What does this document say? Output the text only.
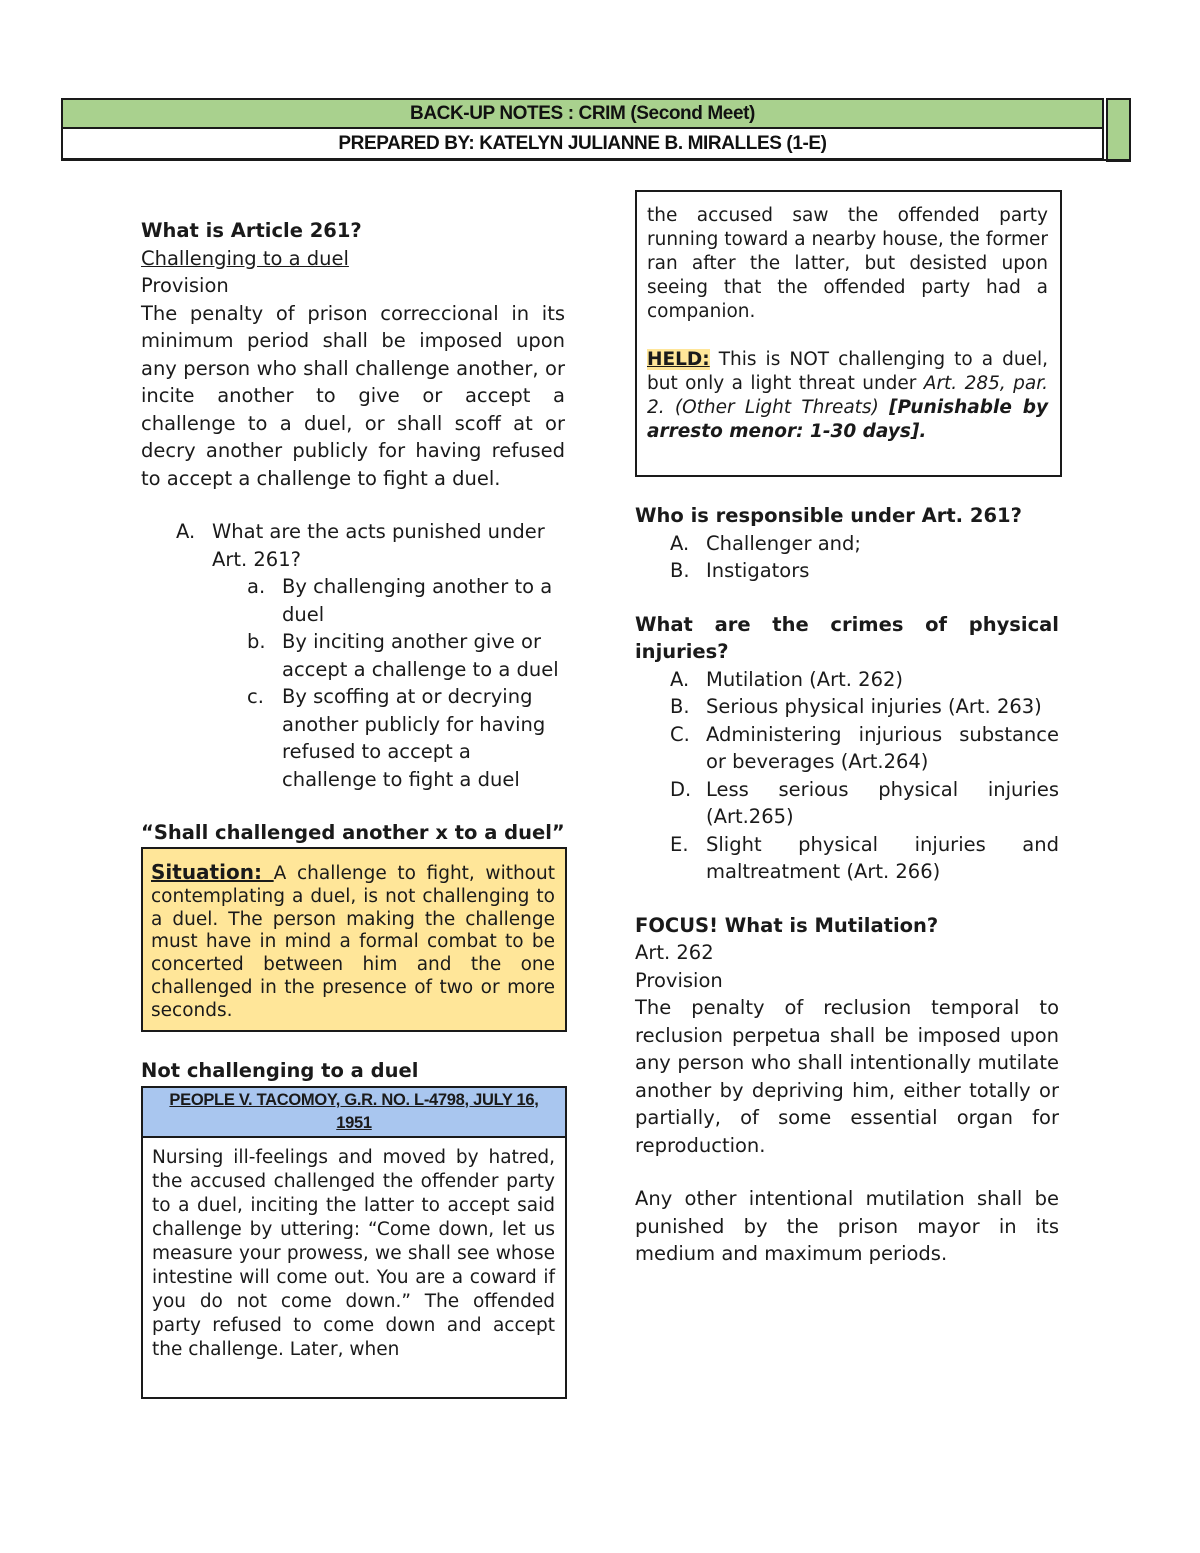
BACK-UP NOTES : CRIM (Second Meet)
PREPARED BY: KATELYN JULIANNE B. MIRALLES (1-E)

What is Article 261?

Challenging to a duel

Provision

The penalty of prison correccional in its minimum period shall be imposed upon any person who shall challenge another, or incite another to give or accept a challenge to a duel, or shall scoff at or decry another publicly for having refused to accept a challenge to fight a duel.

A. What are the acts punished under Art. 261?
a. By challenging another to a duel
b. By inciting another give or accept a challenge to a duel
c. By scoffing at or decrying another publicly for having refused to accept a challenge to fight a duel

“Shall challenged another x to a duel”

Situation: A challenge to fight, without contemplating a duel, is not challenging to a duel. The person making the challenge must have in mind a formal combat to be concerted between him and the one challenged in the presence of two or more seconds.

Not challenging to a duel

PEOPLE V. TACOMOY, G.R. NO. L-4798, JULY 16, 1951

Nursing ill-feelings and moved by hatred, the accused challenged the offender party to a duel, inciting the latter to accept said challenge by uttering: “Come down, let us measure your prowess, we shall see whose intestine will come out. You are a coward if you do not come down.” The offended party refused to come down and accept the challenge. Later, when

the accused saw the offended party running toward a nearby house, the former ran after the latter, but desisted upon seeing that the offended party had a companion.

HELD: This is NOT challenging to a duel, but only a light threat under Art. 285, par. 2. (Other Light Threats) [Punishable by arresto menor: 1-30 days].

Who is responsible under Art. 261?

A. Challenger and;
B. Instigators

What are the crimes of physical injuries?

A. Mutilation (Art. 262)
B. Serious physical injuries (Art. 263)
C. Administering injurious substance or beverages (Art.264)
D. Less serious physical injuries (Art.265)
E. Slight physical injuries and maltreatment (Art. 266)

FOCUS! What is Mutilation?

Art. 262

Provision

The penalty of reclusion temporal to reclusion perpetua shall be imposed upon any person who shall intentionally mutilate another by depriving him, either totally or partially, of some essential organ for reproduction.

Any other intentional mutilation shall be punished by the prison mayor in its medium and maximum periods.
